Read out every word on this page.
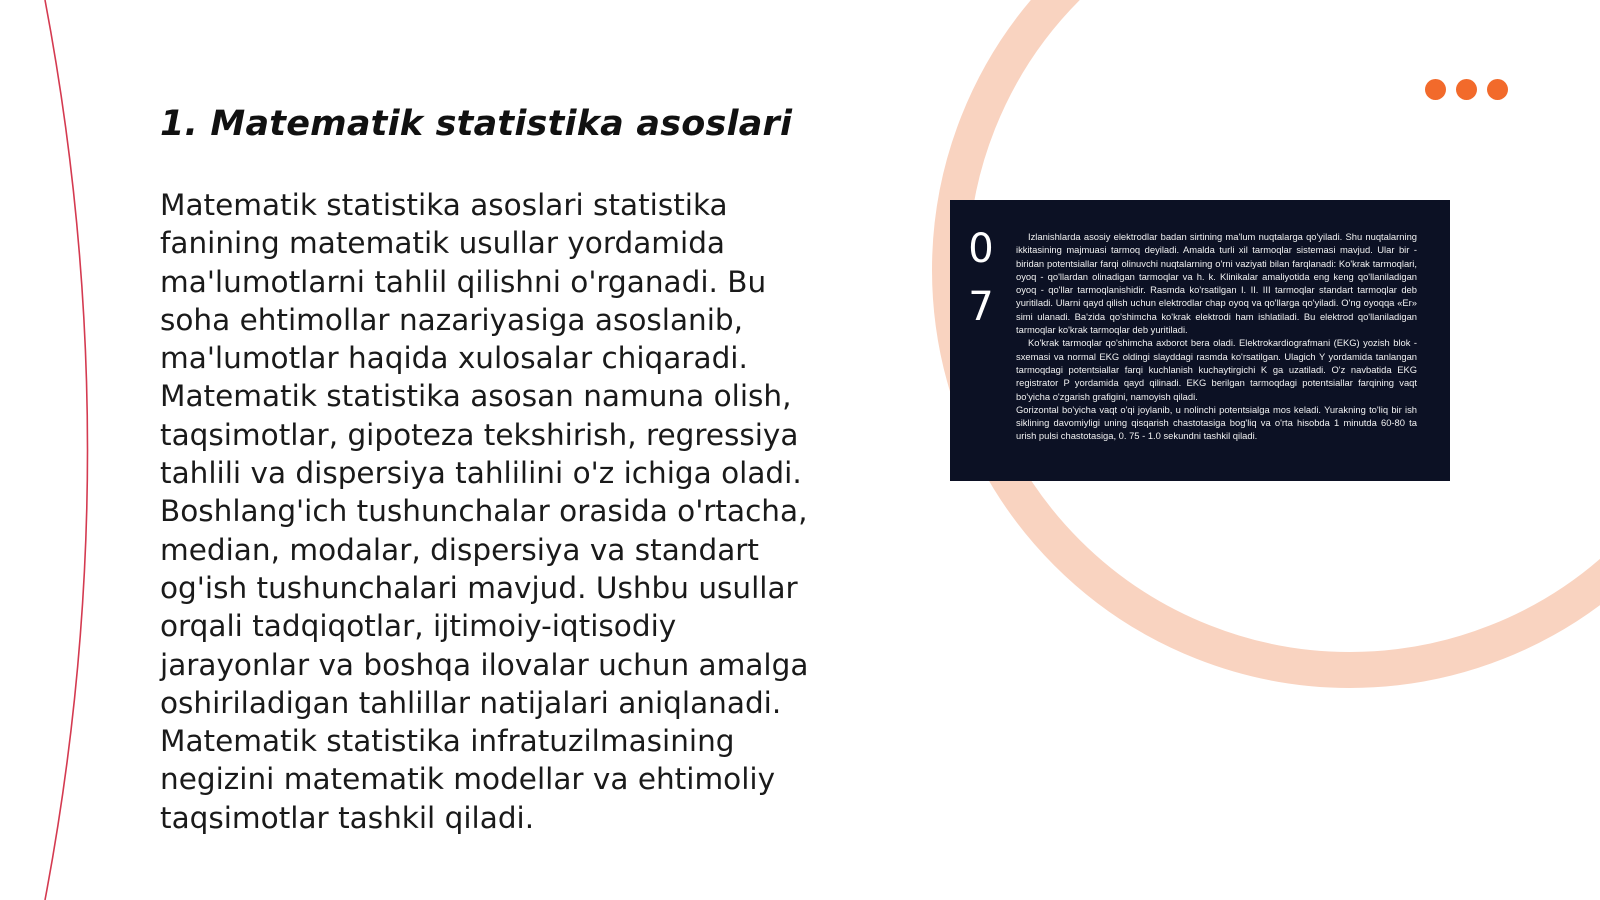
1. Matematik statistika asoslari

Matematik statistika asoslari statistika fanining matematik usullar yordamida ma'lumotlarni tahlil qilishni o'rganadi. Bu soha ehtimollar nazariyasiga asoslanib, ma'lumotlar haqida xulosalar chiqaradi. Matematik statistika asosan namuna olish, taqsimotlar, gipoteza tekshirish, regressiya tahlili va dispersiya tahlilini o'z ichiga oladi. Boshlang'ich tushunchalar orasida o'rtacha, median, modalar, dispersiya va standart og'ish tushunchalari mavjud. Ushbu usullar orqali tadqiqotlar, ijtimoiy-iqtisodiy jarayonlar va boshqa ilovalar uchun amalga oshiriladigan tahlillar natijalari aniqlanadi. Matematik statistika infratuzilmasining negizini matematik modellar va ehtimoliy taqsimotlar tashkil qiladi.

0
7

Izlanishlarda asosiy elektrodlar badan sirtining ma'lum nuqtalarga qo'yiladi. Shu nuqtalarning ikkitasining majmuasi tarmoq deyiladi. Amalda turli xil tarmoqlar sistemasi mavjud. Ular bir - biridan potentsiallar farqi olinuvchi nuqtalarning o'rni vaziyati bilan farqlanadi: Ko'krak tarmoqlari, oyoq - qo'llardan olinadigan tarmoqlar va h. k. Klinikalar amaliyotida eng keng qo'llaniladigan oyoq - qo'llar tarmoqlanishidir. Rasmda ko'rsatilgan I. II. III tarmoqlar standart tarmoqlar deb yuritiladi. Ularni qayd qilish uchun elektrodlar chap oyoq va qo'llarga qo'yiladi. O'ng oyoqqa «Er» simi ulanadi. Ba'zida qo'shimcha ko'krak elektrodi ham ishlatiladi. Bu elektrod qo'llaniladigan tarmoqlar ko'krak tarmoqlar deb yuritiladi.

Ko'krak tarmoqlar qo'shimcha axborot bera oladi. Elektrokardiografmani (EKG) yozish blok - sxemasi va normal EKG oldingi slayddagi rasmda ko'rsatilgan. Ulagich Y yordamida tanlangan tarmoqdagi potentsiallar farqi kuchlanish kuchaytirgichi K ga uzatiladi. O'z navbatida EKG registrator P yordamida qayd qilinadi. EKG berilgan tarmoqdagi potentsiallar farqining vaqt bo'yicha o'zgarish grafigini, namoyish qiladi.

Gorizontal bo'yicha vaqt o'qi joylanib, u nolinchi potentsialga mos keladi. Yurakning to'liq bir ish siklining davomiyligi uning qisqarish chastotasiga bog'liq va o'rta hisobda 1 minutda 60-80 ta urish pulsi chastotasiga, 0. 75 - 1.0 sekundni tashkil qiladi.
